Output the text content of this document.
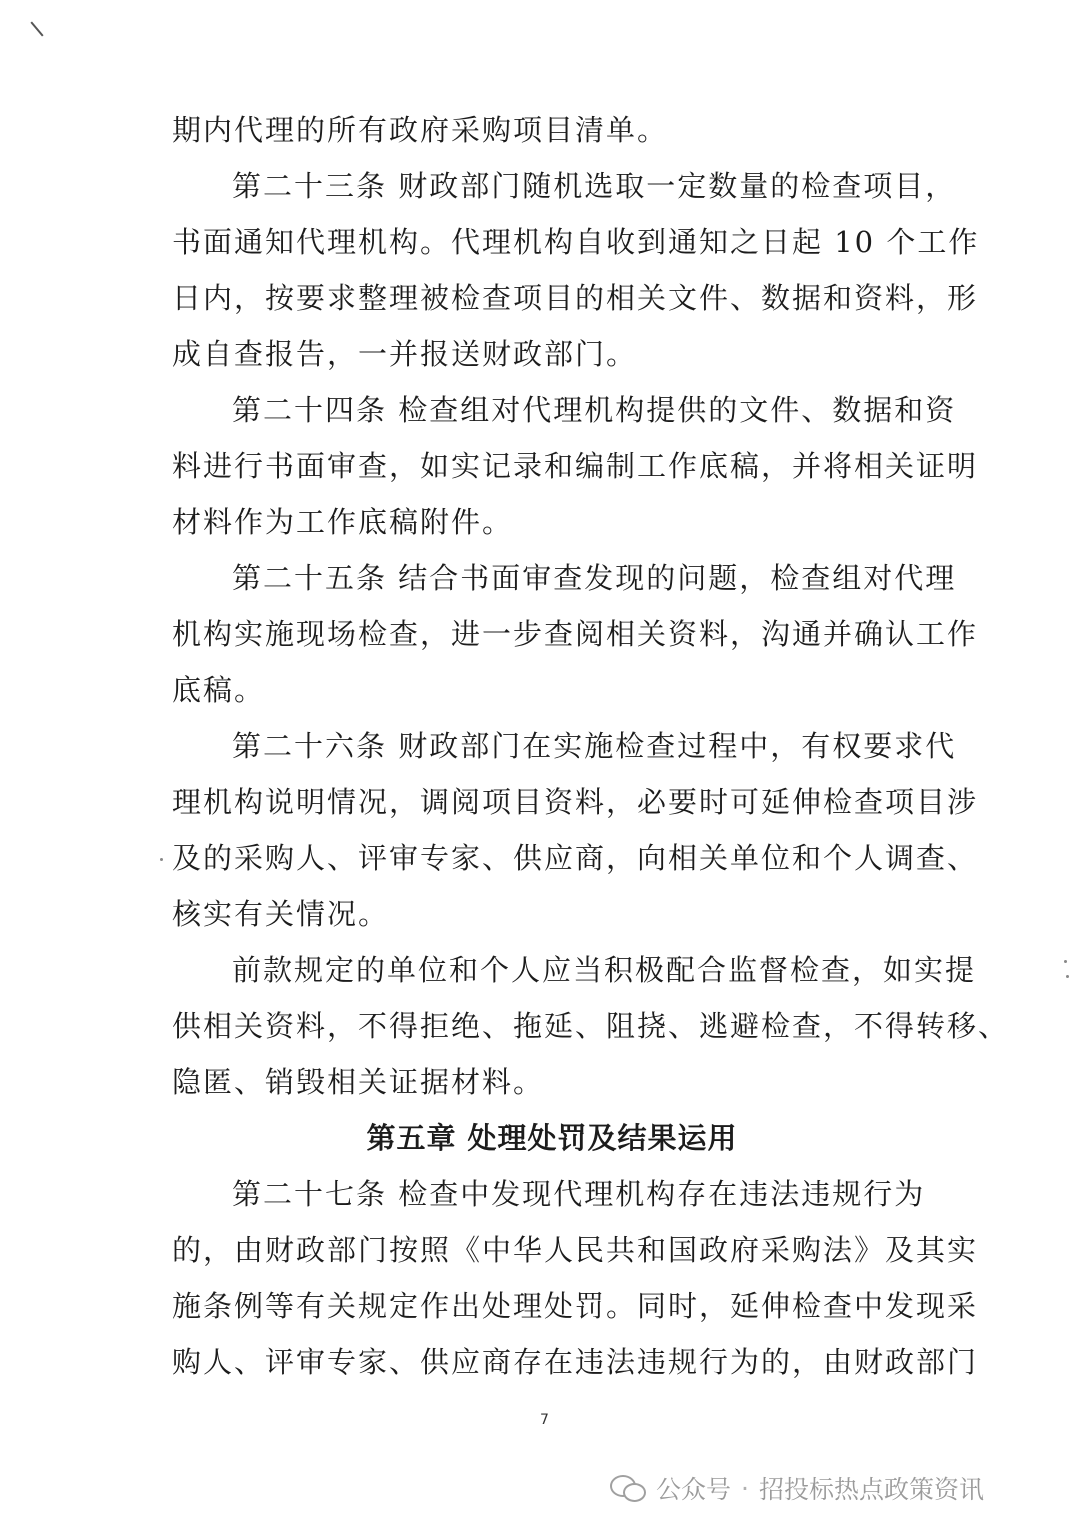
期内代理的所有政府采购项目清单。
第二十三条 财政部门随机选取一定数量的检查项目，
书面通知代理机构。代理机构自收到通知之日起 10 个工作
日内，按要求整理被检查项目的相关文件、数据和资料，形
成自查报告，一并报送财政部门。
第二十四条 检查组对代理机构提供的文件、数据和资
料进行书面审查，如实记录和编制工作底稿，并将相关证明
材料作为工作底稿附件。
第二十五条 结合书面审查发现的问题，检查组对代理
机构实施现场检查，进一步查阅相关资料，沟通并确认工作
底稿。
第二十六条 财政部门在实施检查过程中，有权要求代
理机构说明情况，调阅项目资料，必要时可延伸检查项目涉
及的采购人、评审专家、供应商，向相关单位和个人调查、
核实有关情况。
前款规定的单位和个人应当积极配合监督检查，如实提
供相关资料，不得拒绝、拖延、阻挠、逃避检查，不得转移、
隐匿、销毁相关证据材料。
第五章 处理处罚及结果运用
第二十七条 检查中发现代理机构存在违法违规行为
的，由财政部门按照《中华人民共和国政府采购法》及其实
施条例等有关规定作出处理处罚。同时，延伸检查中发现采
购人、评审专家、供应商存在违法违规行为的，由财政部门
7
公众号 · 招投标热点政策资讯
